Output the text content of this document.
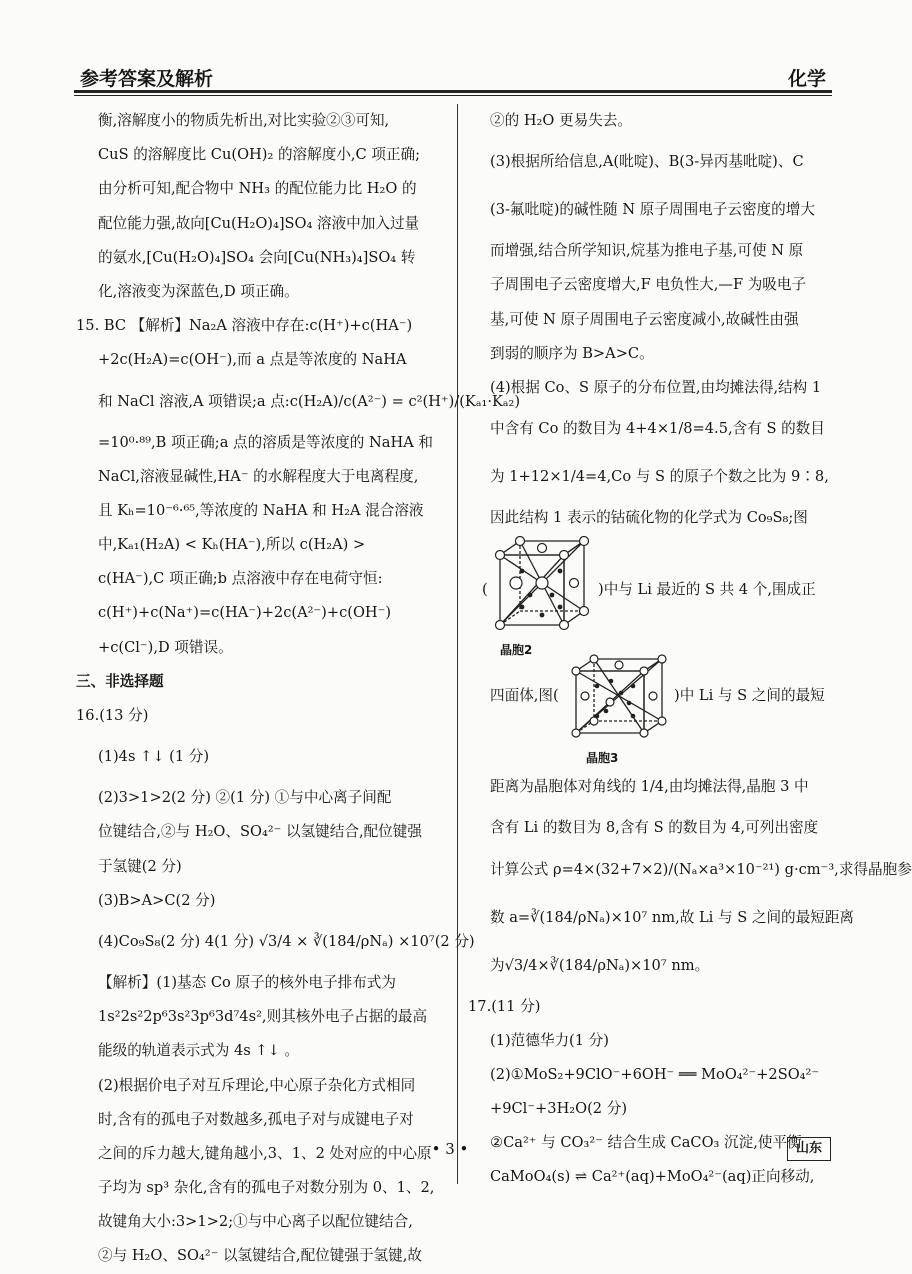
参考答案及解析	化学
衡,溶解度小的物质先析出,对比实验②③可知,
CuS 的溶解度比 Cu(OH)₂ 的溶解度小,C 项正确;
由分析可知,配合物中 NH₃ 的配位能力比 H₂O 的
配位能力强,故向[Cu(H₂O)₄]SO₄ 溶液中加入过量
的氨水,[Cu(H₂O)₄]SO₄ 会向[Cu(NH₃)₄]SO₄ 转
化,溶液变为深蓝色,D 项正确。
15. BC 【解析】Na₂A 溶液中存在:c(H⁺)+c(HA⁻)
+2c(H₂A)=c(OH⁻),而 a 点是等浓度的 NaHA
和 NaCl 溶液,A 项错误;a 点:c(H₂A)/c(A²⁻) = c²(H⁺)/(Kₐ₁·Kₐ₂)
=10⁰·⁸⁹,B 项正确;a 点的溶质是等浓度的 NaHA 和
NaCl,溶液显碱性,HA⁻ 的水解程度大于电离程度,
且 Kₕ=10⁻⁶·⁶⁵,等浓度的 NaHA 和 H₂A 混合溶液
中,Kₐ₁(H₂A) < Kₕ(HA⁻),所以 c(H₂A) >
c(HA⁻),C 项正确;b 点溶液中存在电荷守恒:
c(H⁺)+c(Na⁺)=c(HA⁻)+2c(A²⁻)+c(OH⁻)
+c(Cl⁻),D 项错误。
三、非选择题
16.(13 分)
(1)4s ↑↓ (1 分)
(2)3>1>2(2 分) ②(1 分) ①与中心离子间配
位键结合,②与 H₂O、SO₄²⁻ 以氢键结合,配位键强
于氢键(2 分)
(3)B>A>C(2 分)
(4)Co₉S₈(2 分) 4(1 分) √3/4 × ∛(184/ρNₐ) ×10⁷(2 分)
【解析】(1)基态 Co 原子的核外电子排布式为
1s²2s²2p⁶3s²3p⁶3d⁷4s²,则其核外电子占据的最高
能级的轨道表示式为 4s ↑↓ 。
(2)根据价电子对互斥理论,中心原子杂化方式相同
时,含有的孤电子对数越多,孤电子对与成键电子对
之间的斥力越大,键角越小,3、1、2 处对应的中心原
子均为 sp³ 杂化,含有的孤电子对数分别为 0、1、2,
故键角大小:3>1>2;①与中心离子以配位键结合,
②与 H₂O、SO₄²⁻ 以氢键结合,配位键强于氢键,故
②的 H₂O 更易失去。
(3)根据所给信息,A(吡啶)、B(3-异丙基吡啶)、C
(3-氟吡啶)的碱性随 N 原子周围电子云密度的增大
而增强,结合所学知识,烷基为推电子基,可使 N 原
子周围电子云密度增大,F 电负性大,—F 为吸电子
基,可使 N 原子周围电子云密度减小,故碱性由强
到弱的顺序为 B>A>C。
(4)根据 Co、S 原子的分布位置,由均摊法得,结构 1
中含有 Co 的数目为 4+4×1/8=4.5,含有 S 的数目
为 1+12×1/4=4,Co 与 S 的原子个数之比为 9∶8,
因此结构 1 表示的钴硫化物的化学式为 Co₉S₈;图
(	)中与 Li 最近的 S 共 4 个,围成正
晶胞2
四面体,图(	)中 Li 与 S 之间的最短
晶胞3
距离为晶胞体对角线的 1/4,由均摊法得,晶胞 3 中
含有 Li 的数目为 8,含有 S 的数目为 4,可列出密度
计算公式 ρ=4×(32+7×2)/(Nₐ×a³×10⁻²¹) g·cm⁻³,求得晶胞参
数 a=∛(184/ρNₐ)×10⁷ nm,故 Li 与 S 之间的最短距离
为√3/4×∛(184/ρNₐ)×10⁷ nm。
17.(11 分)
(1)范德华力(1 分)
(2)①MoS₂+9ClO⁻+6OH⁻ ══ MoO₄²⁻+2SO₄²⁻
+9Cl⁻+3H₂O(2 分)
②Ca²⁺ 与 CO₃²⁻ 结合生成 CaCO₃ 沉淀,使平衡
CaMoO₄(s) ⇌ Ca²⁺(aq)+MoO₄²⁻(aq)正向移动,
• 3 •	山东
